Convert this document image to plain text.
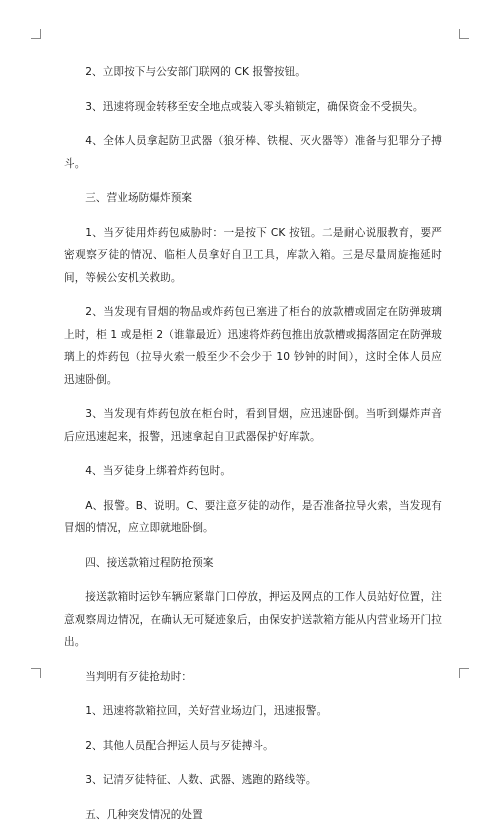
2、立即按下与公安部门联网的 CK 报警按钮。

3、迅速将现金转移至安全地点或装入零头箱锁定，确保资金不受损失。

4、全体人员拿起防卫武器（狼牙棒、铁棍、灭火器等）准备与犯罪分子搏斗。

三、营业场防爆炸预案

1、当歹徒用炸药包威胁时：一是按下 CK 按钮。二是耐心说服教育，要严密观察歹徒的情况、临柜人员拿好自卫工具，库款入箱。三是尽量周旋拖延时间，等候公安机关救助。

2、当发现有冒烟的物品或炸药包已塞进了柜台的放款槽或固定在防弹玻璃上时，柜 1 或是柜 2（谁靠最近）迅速将炸药包推出放款槽或揭落固定在防弹玻璃上的炸药包（拉导火索一般至少不会少于 10 钞钟的时间），这时全体人员应迅速卧倒。

3、当发现有炸药包放在柜台时，看到冒烟，应迅速卧倒。当听到爆炸声音后应迅速起来，报警，迅速拿起自卫武器保护好库款。

4、当歹徒身上绑着炸药包时。

A、报警。B、说明。C、要注意歹徒的动作，是否准备拉导火索，当发现有冒烟的情况，应立即就地卧倒。

四、接送款箱过程防抢预案

接送款箱时运钞车辆应紧靠门口停放，押运及网点的工作人员站好位置，注意观察周边情况，在确认无可疑迹象后，由保安护送款箱方能从内营业场开门拉出。

当判明有歹徒抢劫时：

1、迅速将款箱拉回，关好营业场边门，迅速报警。

2、其他人员配合押运人员与歹徒搏斗。

3、记清歹徒特征、人数、武器、逃跑的路线等。

五、几种突发情况的处置
